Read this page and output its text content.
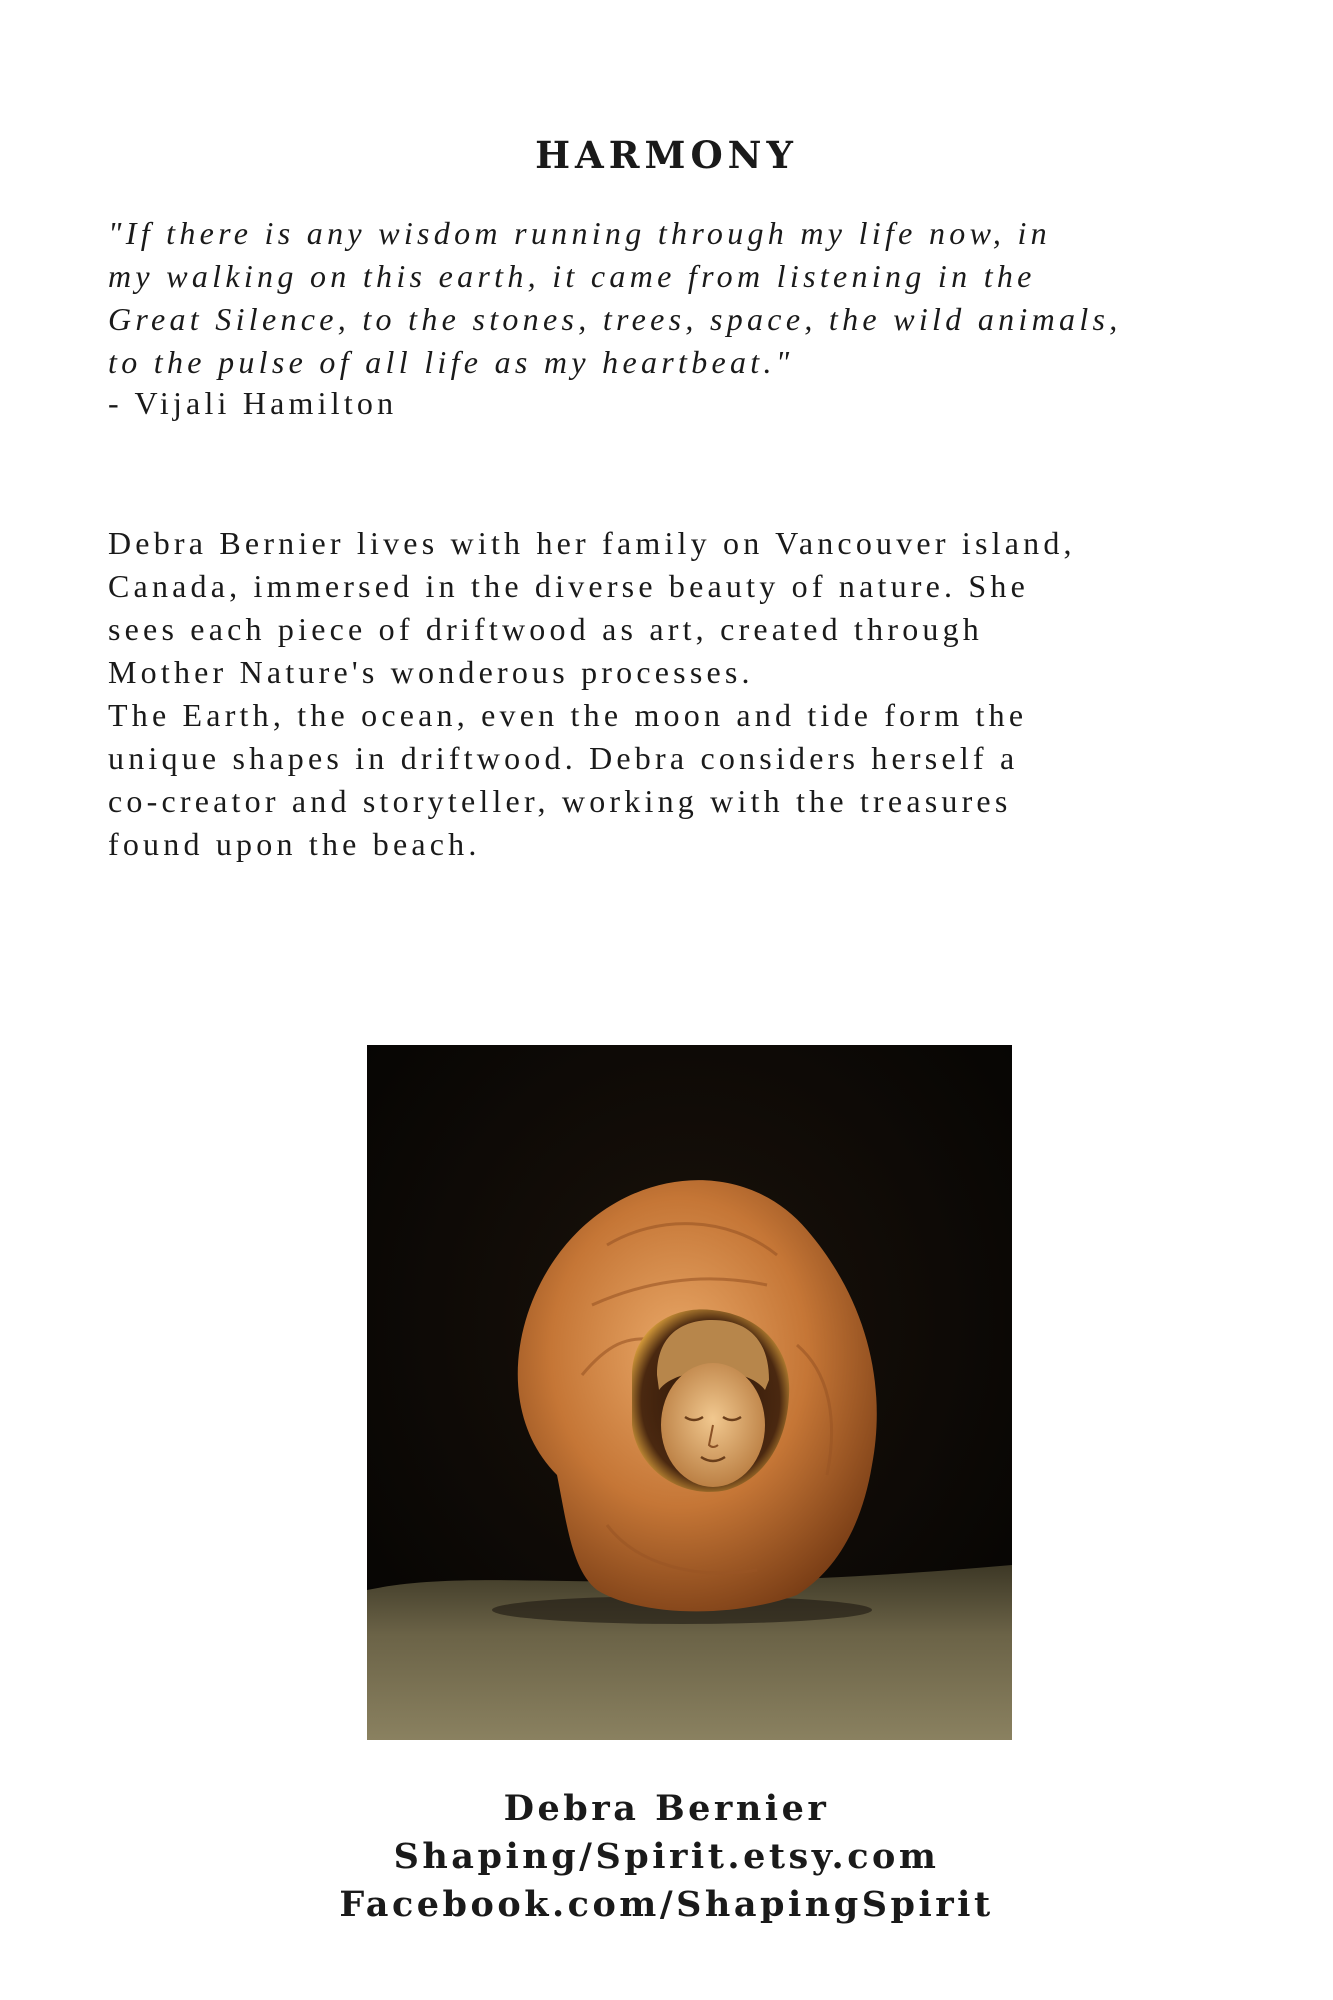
HARMONY
"If there is any wisdom running through my life now, in
my walking on this earth, it came from listening in the
Great Silence, to the stones, trees, space, the wild animals,
to the pulse of all life as my heartbeat."
- Vijali Hamilton
Debra Bernier lives with her family on Vancouver island,
Canada, immersed in the diverse beauty of nature. She
sees each piece of driftwood as art, created through
Mother Nature's wonderous processes.
The Earth, the ocean, even the moon and tide form the
unique shapes in driftwood. Debra considers herself a
co-creator and storyteller, working with the treasures
found upon the beach.
Debra Bernier
Shaping/Spirit.etsy.com
Facebook.com/ShapingSpirit
